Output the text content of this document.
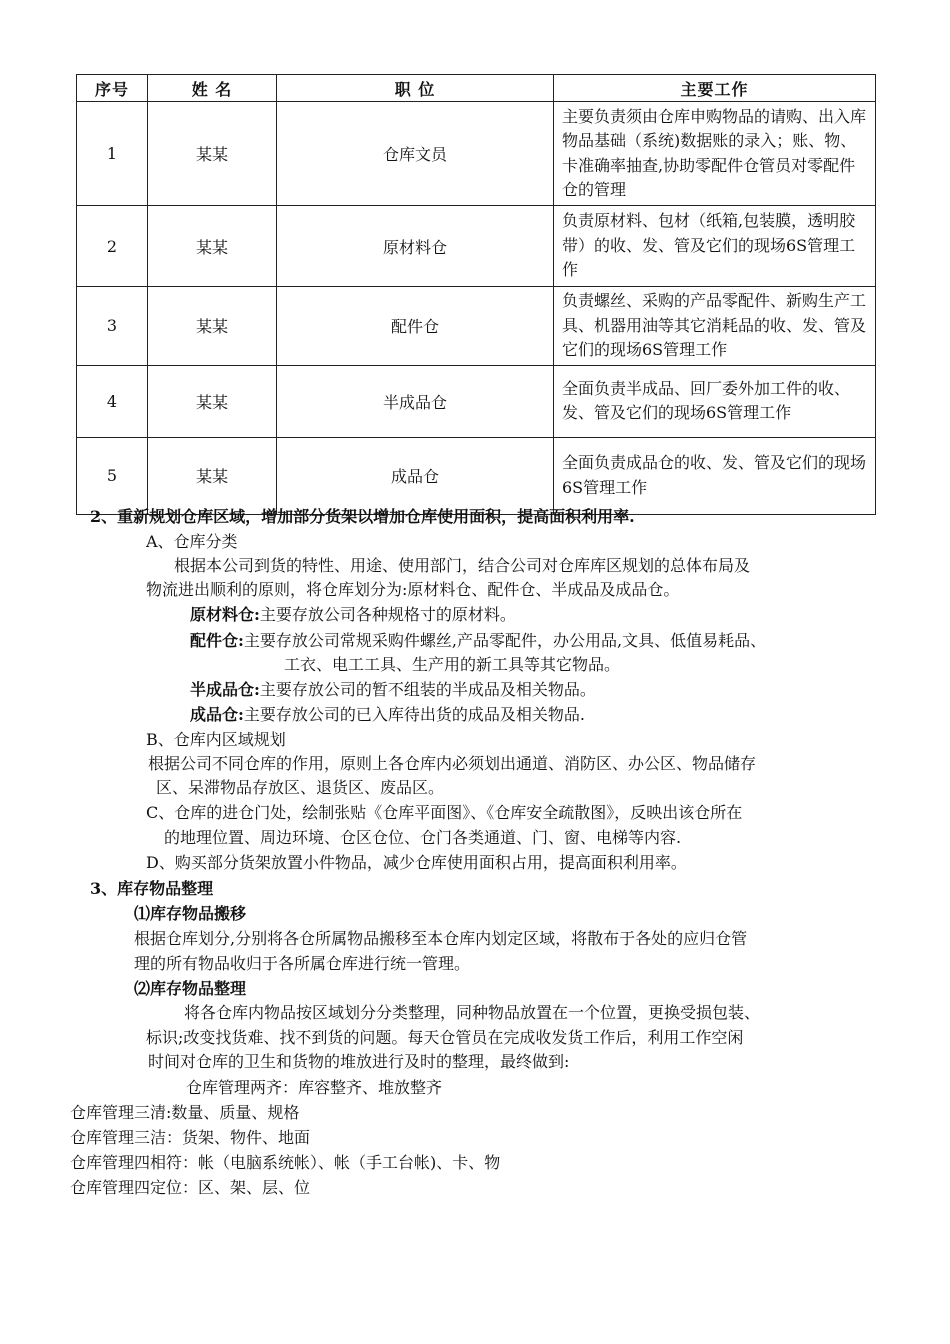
序号	姓 名	职 位	主要工作
1	某某	仓库文员	主要负责须由仓库申购物品的请购、出入库物品基础（系统)数据账的录入；账、物、卡准确率抽查,协助零配件仓管员对零配件仓的管理
2	某某	原材料仓	负责原材料、包材（纸箱,包装膜，透明胶带）的收、发、管及它们的现场6S管理工作
3	某某	配件仓	负责螺丝、采购的产品零配件、新购生产工具、机器用油等其它消耗品的收、发、管及它们的现场6S管理工作
4	某某	半成品仓	全面负责半成品、回厂委外加工件的收、发、管及它们的现场6S管理工作
5	某某	成品仓	全面负责成品仓的收、发、管及它们的现场6S管理工作
2、重新规划仓库区域，增加部分货架以增加仓库使用面积，提高面积利用率.
A、仓库分类
根据本公司到货的特性、用途、使用部门，结合公司对仓库库区规划的总体布局及
物流进出顺利的原则，将仓库划分为:原材料仓、配件仓、半成品及成品仓。
原材料仓:主要存放公司各种规格寸的原材料。
配件仓:主要存放公司常规采购件螺丝,产品零配件，办公用品,文具、低值易耗品、
工衣、电工工具、生产用的新工具等其它物品。
半成品仓:主要存放公司的暂不组装的半成品及相关物品。
成品仓:主要存放公司的已入库待出货的成品及相关物品.
B、仓库内区域规划
根据公司不同仓库的作用，原则上各仓库内必须划出通道、消防区、办公区、物品储存
区、呆滞物品存放区、退货区、废品区。
C、仓库的进仓门处，绘制张贴《仓库平面图》、《仓库安全疏散图》，反映出该仓所在
的地理位置、周边环境、仓区仓位、仓门各类通道、门、窗、电梯等内容.
D、购买部分货架放置小件物品，减少仓库使用面积占用，提高面积利用率。
3、库存物品整理
⑴库存物品搬移
根据仓库划分,分别将各仓所属物品搬移至本仓库内划定区域，将散布于各处的应归仓管
理的所有物品收归于各所属仓库进行统一管理。
⑵库存物品整理
将各仓库内物品按区域划分分类整理，同种物品放置在一个位置，更换受损包装、
标识;改变找货难、找不到货的问题。每天仓管员在完成收发货工作后，利用工作空闲
时间对仓库的卫生和货物的堆放进行及时的整理，最终做到:
仓库管理两齐：库容整齐、堆放整齐
仓库管理三清:数量、质量、规格
仓库管理三洁：货架、物件、地面
仓库管理四相符：帐（电脑系统帐）、帐（手工台帐)、卡、物
仓库管理四定位：区、架、层、位
